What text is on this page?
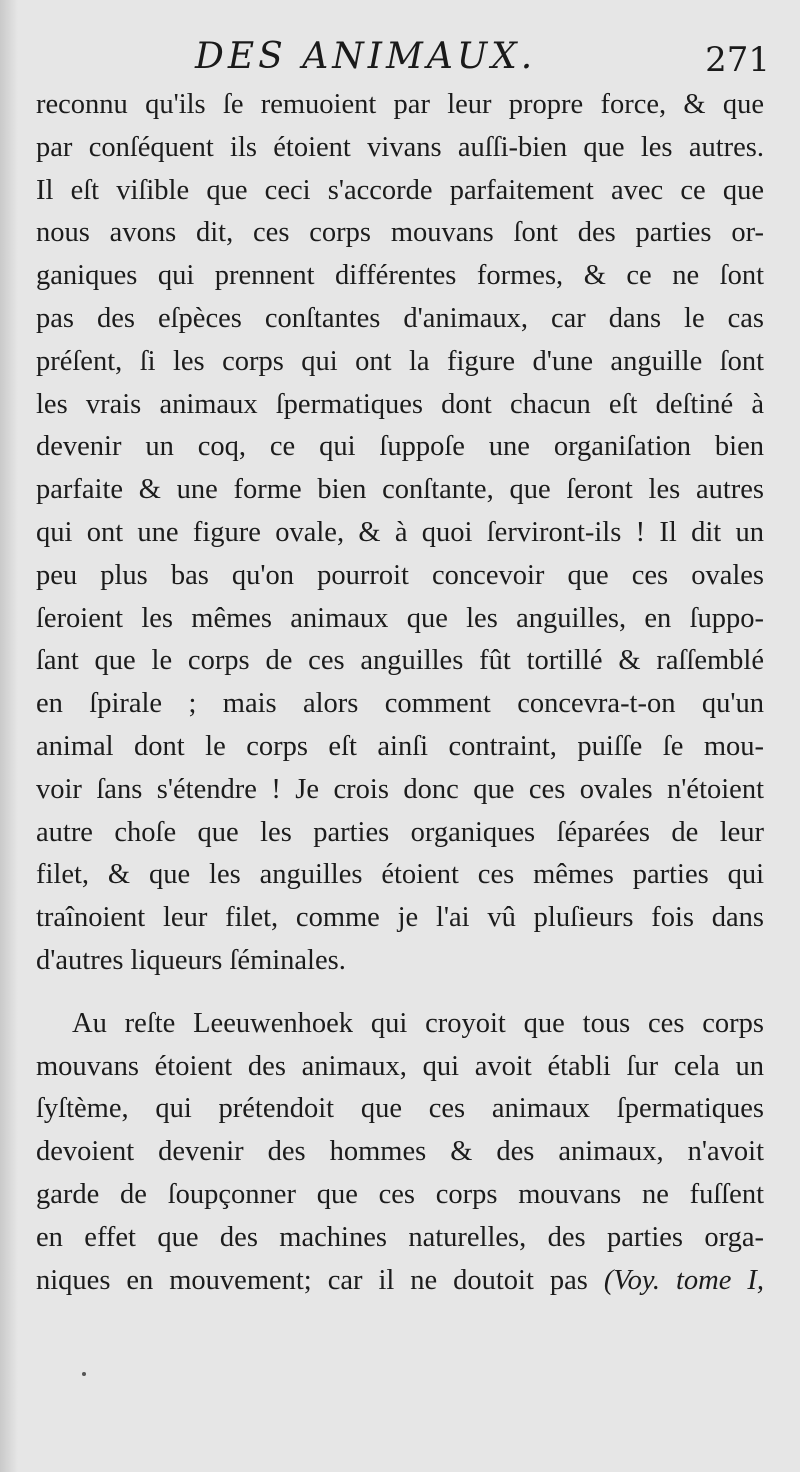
DES ANIMAUX.	271
reconnu qu'ils ſe remuoient par leur propre force, & que
par conſéquent ils étoient vivans auſſi-bien que les autres.
Il eſt viſible que ceci s'accorde parfaitement avec ce que
nous avons dit, ces corps mouvans ſont des parties or-
ganiques qui prennent différentes formes, & ce ne ſont
pas des eſpèces conſtantes d'animaux, car dans le cas
préſent, ſi les corps qui ont la figure d'une anguille ſont
les vrais animaux ſpermatiques dont chacun eſt deſtiné à
devenir un coq, ce qui ſuppoſe une organiſation bien
parfaite & une forme bien conſtante, que ſeront les autres
qui ont une figure ovale, & à quoi ſerviront-ils ! Il dit un
peu plus bas qu'on pourroit concevoir que ces ovales
ſeroient les mêmes animaux que les anguilles, en ſuppo-
ſant que le corps de ces anguilles fût tortillé & raſſemblé
en ſpirale ; mais alors comment concevra-t-on qu'un
animal dont le corps eſt ainſi contraint, puiſſe ſe mou-
voir ſans s'étendre ! Je crois donc que ces ovales n'étoient
autre choſe que les parties organiques ſéparées de leur
filet, & que les anguilles étoient ces mêmes parties qui
traînoient leur filet, comme je l'ai vû pluſieurs fois dans
d'autres liqueurs ſéminales.
Au reſte Leeuwenhoek qui croyoit que tous ces corps
mouvans étoient des animaux, qui avoit établi ſur cela un
ſyſtème, qui prétendoit que ces animaux ſpermatiques
devoient devenir des hommes & des animaux, n'avoit
garde de ſoupçonner que ces corps mouvans ne fuſſent
en effet que des machines naturelles, des parties orga-
niques en mouvement; car il ne doutoit pas (Voy. tome I,
